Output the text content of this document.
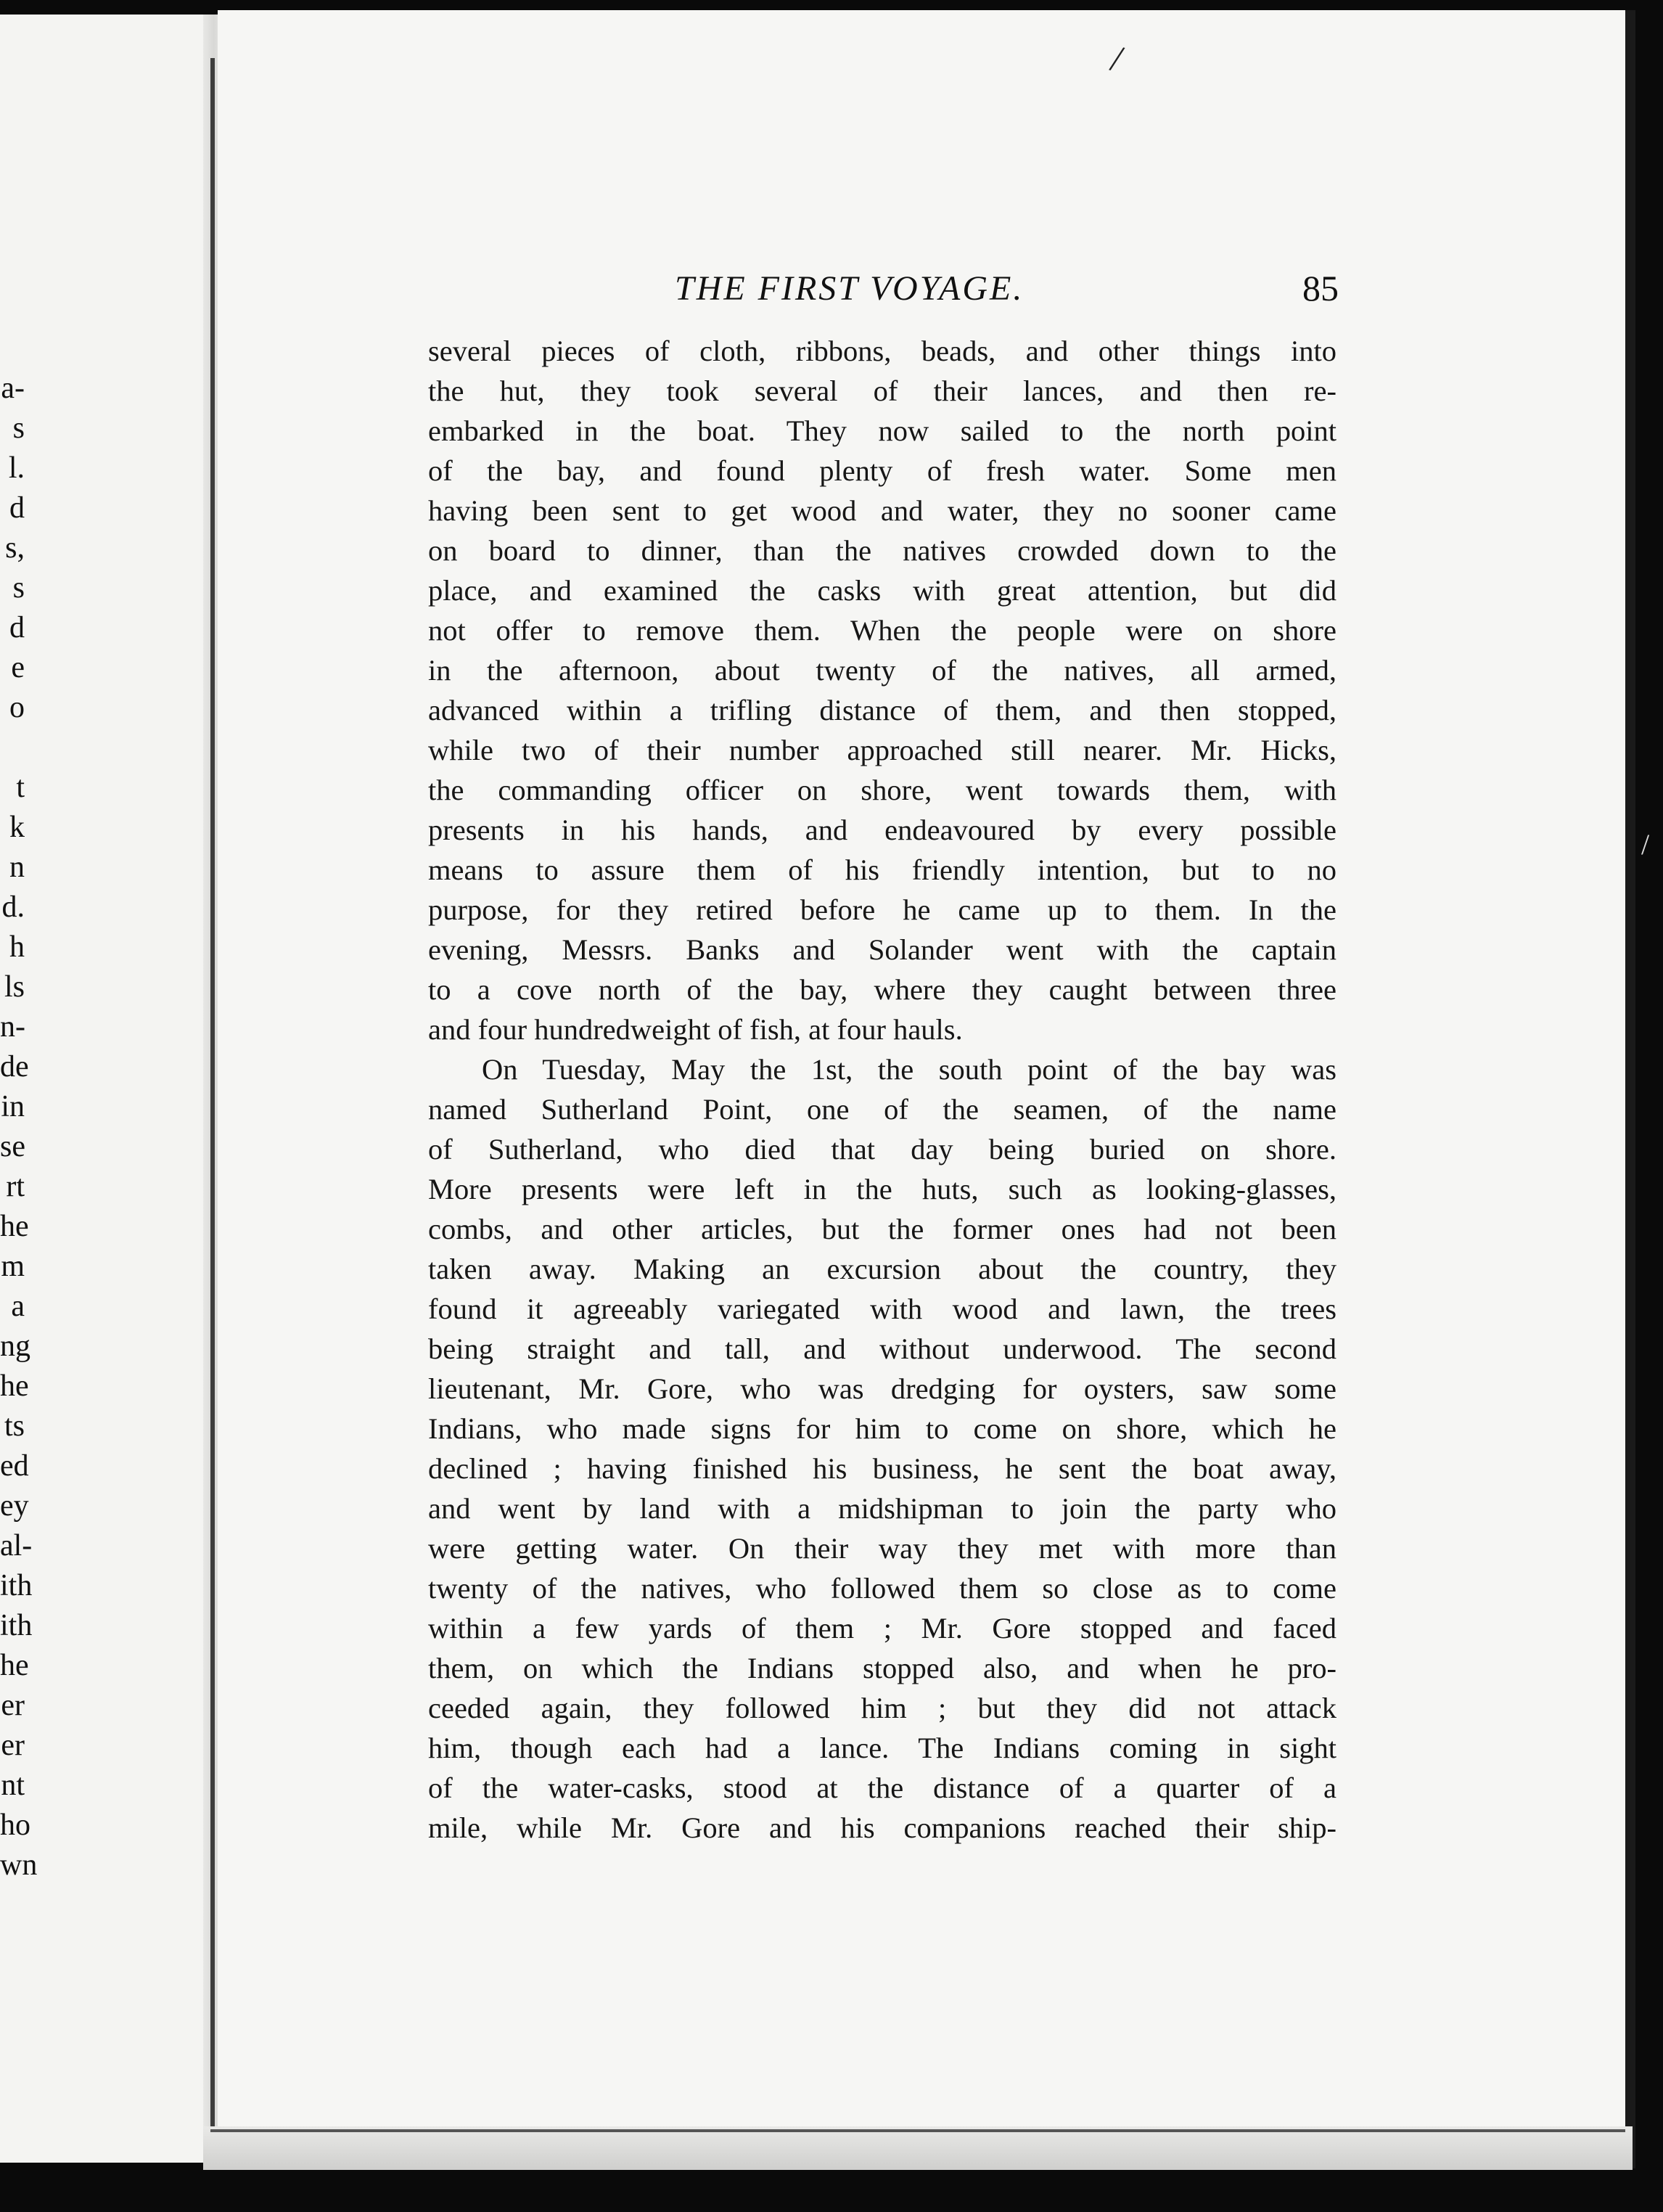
a-
s
l.
d
s,
s
d
e
o
t
k
n
d.
h
ls
n-
de
in
se
rt
he
m
a
ng
he
ts
ed
ey
al-
ith
ith
he
er
er
nt
ho
wn
/
/
THE FIRST VOYAGE.	85
several pieces of cloth, ribbons, beads, and other things into
the hut, they took several of their lances, and then re-
embarked in the boat. They now sailed to the north point
of the bay, and found plenty of fresh water. Some men
having been sent to get wood and water, they no sooner came
on board to dinner, than the natives crowded down to the
place, and examined the casks with great attention, but did
not offer to remove them. When the people were on shore
in the afternoon, about twenty of the natives, all armed,
advanced within a trifling distance of them, and then stopped,
while two of their number approached still nearer. Mr. Hicks,
the commanding officer on shore, went towards them, with
presents in his hands, and endeavoured by every possible
means to assure them of his friendly intention, but to no
purpose, for they retired before he came up to them. In the
evening, Messrs. Banks and Solander went with the captain
to a cove north of the bay, where they caught between three
and four hundredweight of fish, at four hauls.
On Tuesday, May the 1st, the south point of the bay was
named Sutherland Point, one of the seamen, of the name
of Sutherland, who died that day being buried on shore.
More presents were left in the huts, such as looking-glasses,
combs, and other articles, but the former ones had not been
taken away. Making an excursion about the country, they
found it agreeably variegated with wood and lawn, the trees
being straight and tall, and without underwood. The second
lieutenant, Mr. Gore, who was dredging for oysters, saw some
Indians, who made signs for him to come on shore, which he
declined ; having finished his business, he sent the boat away,
and went by land with a midshipman to join the party who
were getting water. On their way they met with more than
twenty of the natives, who followed them so close as to come
within a few yards of them ; Mr. Gore stopped and faced
them, on which the Indians stopped also, and when he pro-
ceeded again, they followed him ; but they did not attack
him, though each had a lance. The Indians coming in sight
of the water-casks, stood at the distance of a quarter of a
mile, while Mr. Gore and his companions reached their ship-
